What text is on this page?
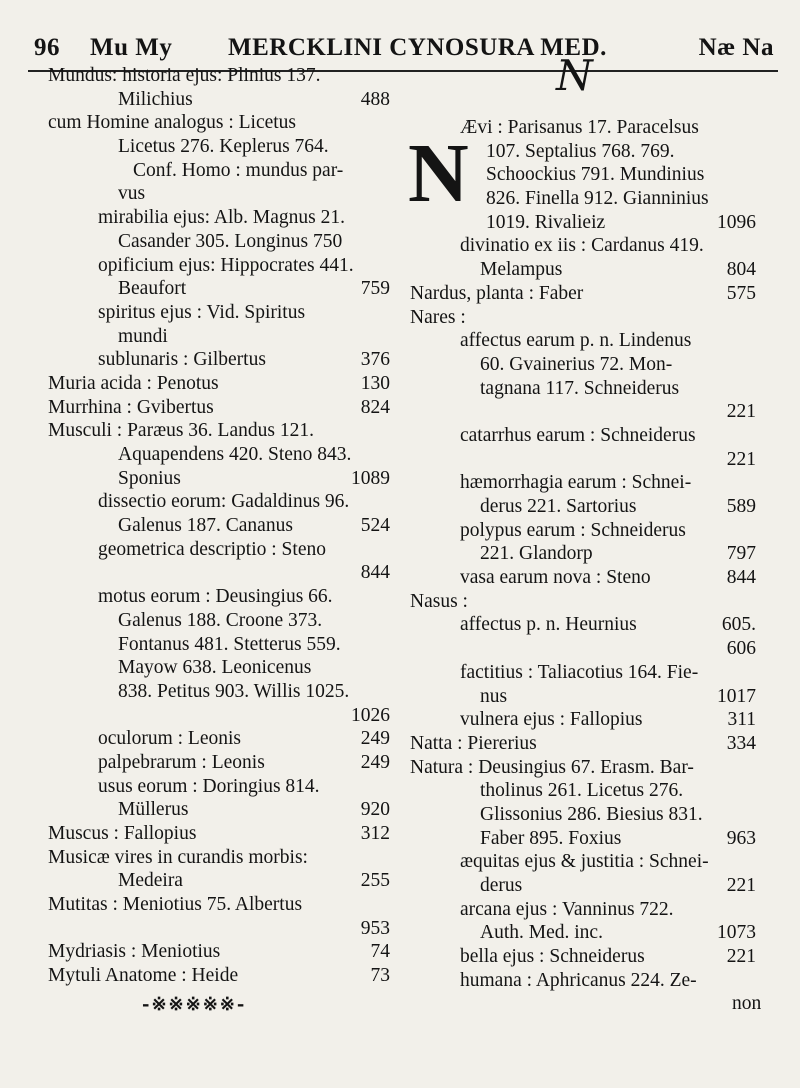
96 Mu My MERCKLINI CYNOSURA MED.	Næ Na
Mundus: historia ejus: Plinius 137.
Milichius	488
cum Homine analogus : Licetus
Licetus 276. Keplerus 764.
Conf. Homo : mundus par-
vus
mirabilia ejus: Alb. Magnus 21.
Casander 305. Longinus 750
opificium ejus: Hippocrates 441.
Beaufort	759
spiritus ejus : Vid. Spiritus
mundi
sublunaris : Gilbertus	376
Muria acida : Penotus	130
Murrhina : Gvibertus	824
Musculi : Paræus 36. Landus 121.
Aquapendens 420. Steno 843.
Sponius	1089
dissectio eorum: Gadaldinus 96.
Galenus 187. Cananus	524
geometrica descriptio : Steno
844
motus eorum : Deusingius 66.
Galenus 188. Croone 373.
Fontanus 481. Stetterus 559.
Mayow 638. Leonicenus
838. Petitus 903. Willis 1025.
1026
oculorum : Leonis	249
palpebrarum : Leonis	249
usus eorum : Doringius 814.
Müllerus	920
Muscus : Fallopius	312
Musicæ vires in curandis morbis:
Medeira	255
Mutitas : Meniotius 75. Albertus
953
Mydriasis : Meniotius	74
Mytuli Anatome : Heide	73
N
N
Ævi : Parisanus 17. Paracelsus
107. Septalius 768. 769.
Schoockius 791. Mundinius
826. Finella 912. Gianninius
1019. Rivalieiz	1096
divinatio ex iis : Cardanus 419.
Melampus	804
Nardus, planta : Faber	575
Nares :
affectus earum p. n. Lindenus
60. Gvainerius 72. Mon-
tagnana 117. Schneiderus
221
catarrhus earum : Schneiderus
221
hæmorrhagia earum : Schnei-
derus 221. Sartorius	589
polypus earum : Schneiderus
221. Glandorp	797
vasa earum nova : Steno	844
Nasus :
affectus p. n. Heurnius	605.
606
factitius : Taliacotius 164. Fie-
nus	1017
vulnera ejus : Fallopius	311
Natta : Piererius	334
Natura : Deusingius 67. Erasm. Bar-
tholinus 261. Licetus 276.
Glissonius 286. Biesius 831.
Faber 895. Foxius	963
æquitas ejus & justitia : Schnei-
derus	221
arcana ejus : Vanninus 722.
Auth. Med. inc.	1073
bella ejus : Schneiderus	221
humana : Aphricanus 224. Ze-
non
-※※※※※-
